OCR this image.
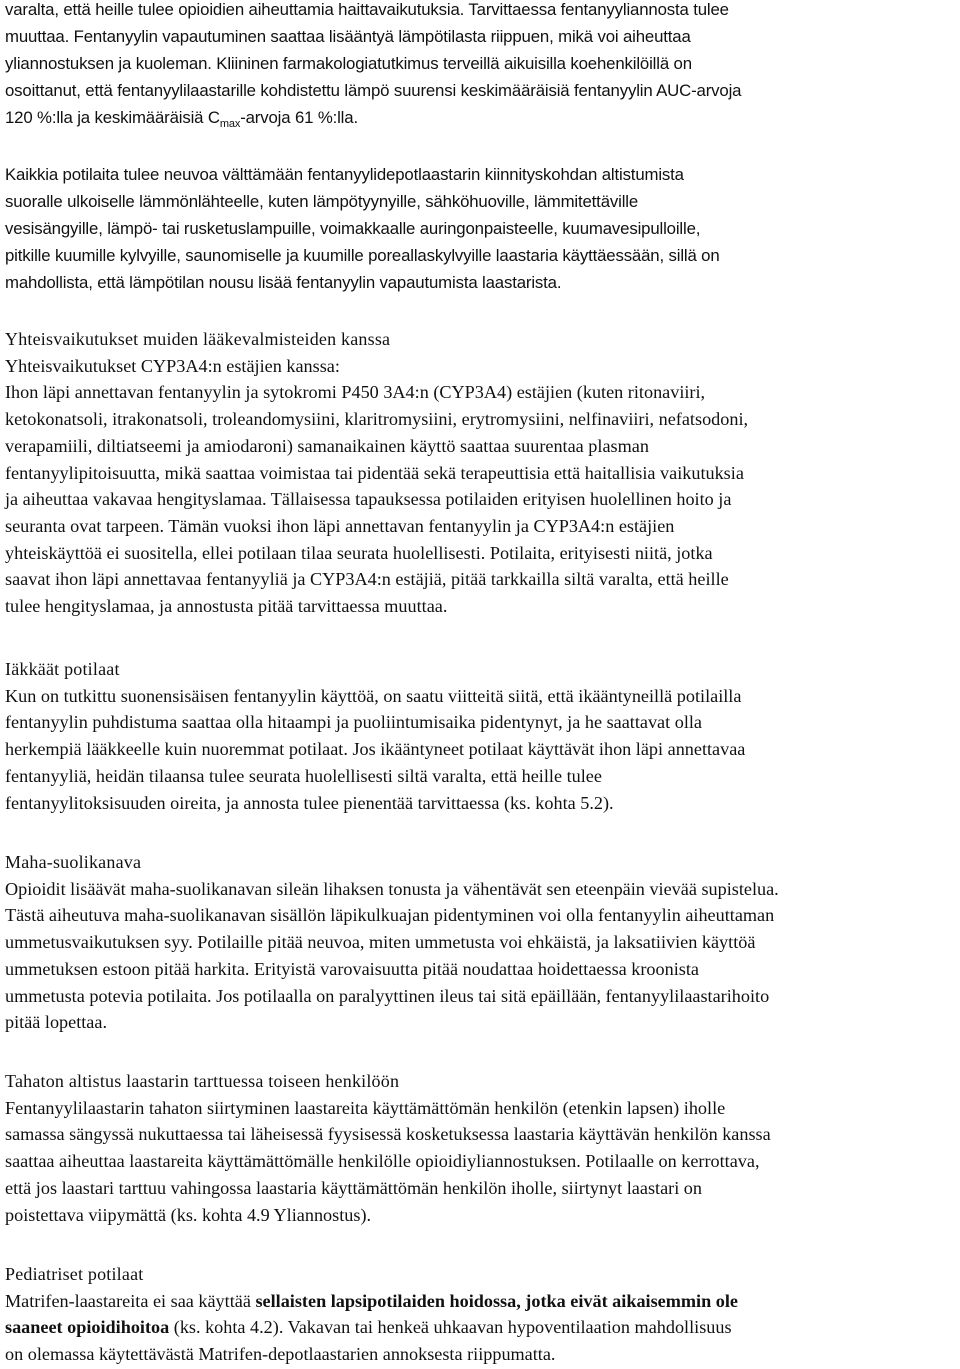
varalta, että heille tulee opioidien aiheuttamia haittavaikutuksia. Tarvittaessa fentanyyliannosta tulee

muuttaa. Fentanyylin vapautuminen saattaa lisääntyä lämpötilasta riippuen, mikä voi aiheuttaa

yliannostuksen ja kuoleman. Kliininen farmakologiatutkimus terveillä aikuisilla koehenkilöillä on

osoittanut, että fentanyylilaastarille kohdistettu lämpö suurensi keskimääräisiä fentanyylin AUC-arvoja

120 %:lla ja keskimääräisiä $C_{max}$-arvoja 61 %:lla.

Kaikkia potilaita tulee neuvoa välttämään fentanyylidepotlaastarin kiinnityskohdan altistumista

suoralle ulkoiselle lämmönlähteelle, kuten lämpötyynyille, sähköhuoville, lämmitettäville

vesisängyille, lämpö- tai rusketuslampuille, voimakkaalle auringonpaisteelle, kuumavesipulloille,

pitkille kuumille kylvyille, saunomiselle ja kuumille poreallaskylvyille laastaria käyttäessään, sillä on

mahdollista, että lämpötilan nousu lisää fentanyylin vapautumista laastarista.

Yhteisvaikutukset muiden lääkevalmisteiden kanssa

Yhteisvaikutukset CYP3A4:n estäjien kanssa:

Ihon läpi annettavan fentanyylin ja sytokromi P450 3A4:n (CYP3A4) estäjien (kuten ritonaviiri,

ketokonatsoli, itrakonatsoli, troleandomysiini, klaritromysiini, erytromysiini, nelfinaviiri, nefatsodoni,

verapamiili, diltiatseemi ja amiodaroni) samanaikainen käyttö saattaa suurentaa plasman

fentanyylipitoisuutta, mikä saattaa voimistaa tai pidentää sekä terapeuttisia että haitallisia vaikutuksia

ja aiheuttaa vakavaa hengityslamaa. Tällaisessa tapauksessa potilaiden erityisen huolellinen hoito ja

seuranta ovat tarpeen. Tämän vuoksi ihon läpi annettavan fentanyylin ja CYP3A4:n estäjien

yhteiskäyttöä ei suositella, ellei potilaan tilaa seurata huolellisesti. Potilaita, erityisesti niitä, jotka

saavat ihon läpi annettavaa fentanyyliä ja CYP3A4:n estäjiä, pitää tarkkailla siltä varalta, että heille

tulee hengityslamaa, ja annostusta pitää tarvittaessa muuttaa.

Iäkkäät potilaat

Kun on tutkittu suonensisäisen fentanyylin käyttöä, on saatu viitteitä siitä, että ikääntyneillä potilailla

fentanyylin puhdistuma saattaa olla hitaampi ja puoliintumisaika pidentynyt, ja he saattavat olla

herkempiä lääkkeelle kuin nuoremmat potilaat. Jos ikääntyneet potilaat käyttävät ihon läpi annettavaa

fentanyyliä, heidän tilaansa tulee seurata huolellisesti siltä varalta, että heille tulee

fentanyylitoksisuuden oireita, ja annosta tulee pienentää tarvittaessa (ks. kohta 5.2).

Maha-suolikanava

Opioidit lisäävät maha-suolikanavan sileän lihaksen tonusta ja vähentävät sen eteenpäin vievää supistelua.

Tästä aiheutuva maha-suolikanavan sisällön läpikulkuajan pidentyminen voi olla fentanyylin aiheuttaman

ummetusvaikutuksen syy. Potilaille pitää neuvoa, miten ummetusta voi ehkäistä, ja laksatiivien käyttöä

ummetuksen estoon pitää harkita. Erityistä varovaisuutta pitää noudattaa hoidettaessa kroonista

ummetusta potevia potilaita. Jos potilaalla on paralyyttinen ileus tai sitä epäillään, fentanyylilaastarihoito

pitää lopettaa.

Tahaton altistus laastarin tarttuessa toiseen henkilöön

Fentanyylilaastarin tahaton siirtyminen laastareita käyttämättömän henkilön (etenkin lapsen) iholle

samassa sängyssä nukuttaessa tai läheisessä fyysisessä kosketuksessa laastaria käyttävän henkilön kanssa

saattaa aiheuttaa laastareita käyttämättömälle henkilölle opioidiyliannostuksen. Potilaalle on kerrottava,

että jos laastari tarttuu vahingossa laastaria käyttämättömän henkilön iholle, siirtynyt laastari on

poistettava viipymättä (ks. kohta 4.9 Yliannostus).

Pediatriset potilaat

Matrifen-laastareita ei saa käyttää sellaisten lapsipotilaiden hoidossa, jotka eivät aikaisemmin ole

saaneet opioidihoitoa (ks. kohta 4.2). Vakavan tai henkeä uhkaavan hypoventilaation mahdollisuus

on olemassa käytettävästä Matrifen-depotlaastarien annoksesta riippumatta.
